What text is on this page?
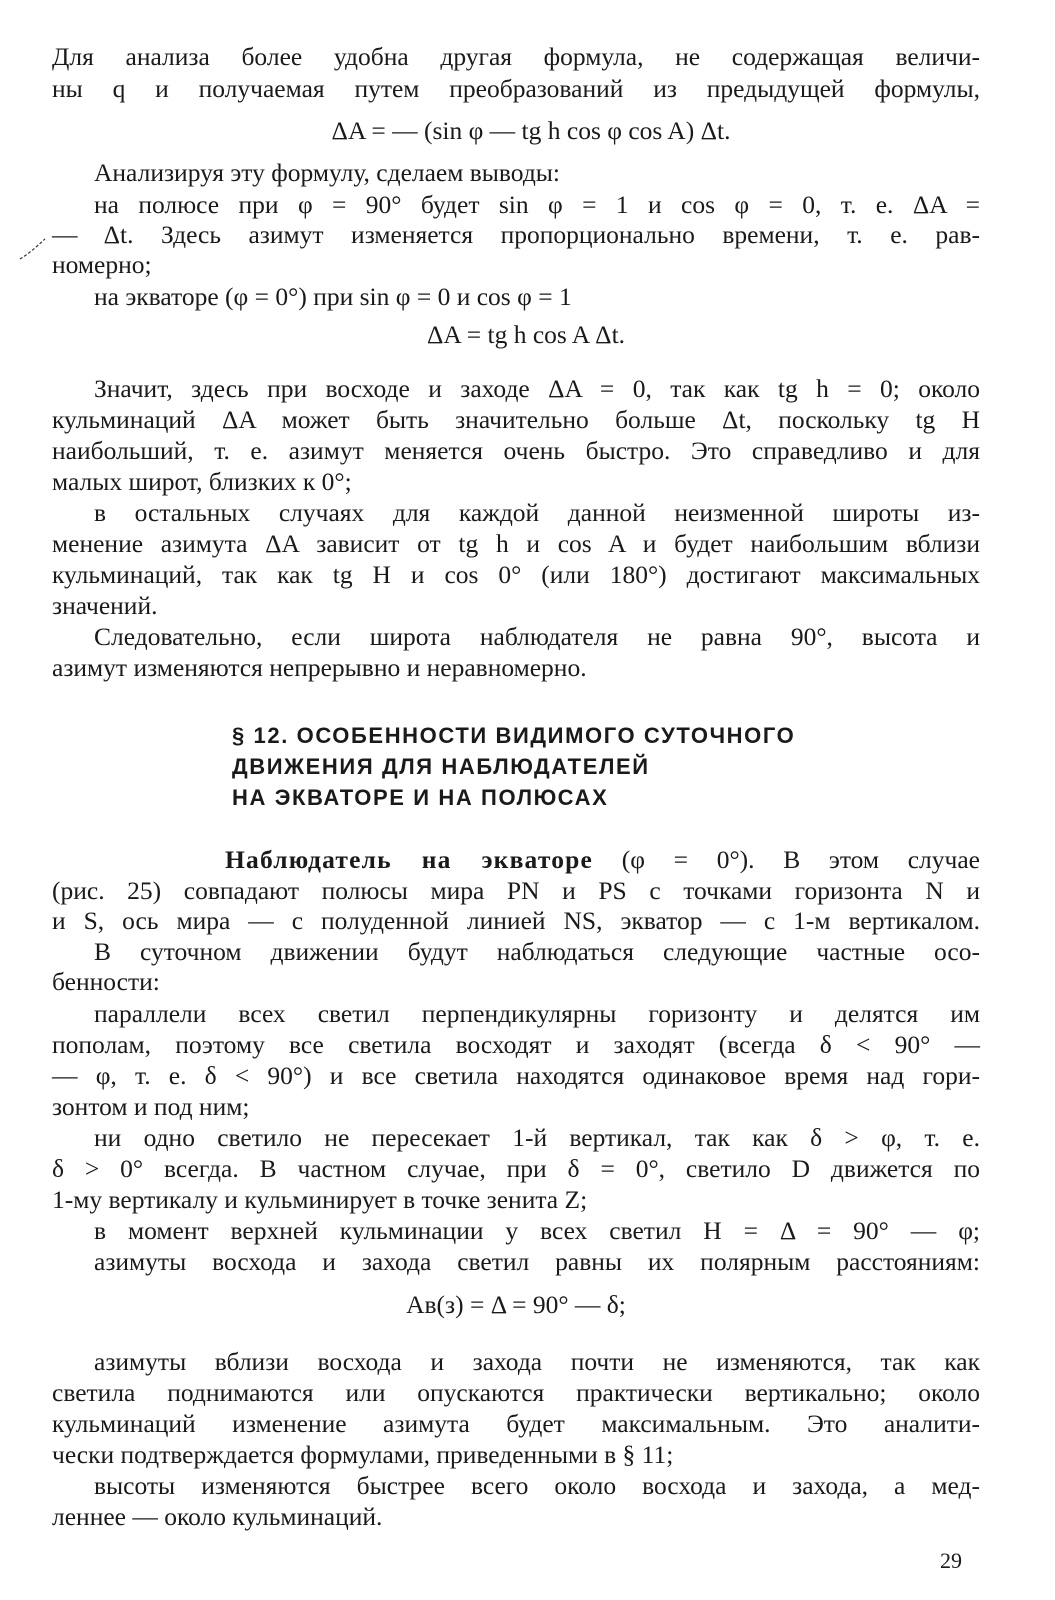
Для анализа более удобна другая формула, не содержащая величи-

ны q и получаемая путем преобразований из предыдущей формулы,

ΔA = — (sin φ — tg h cos φ cos A) Δt.

Анализируя эту формулу, сделаем выводы:

на полюсе при φ = 90° будет sin φ = 1 и cos φ = 0, т. е. ΔA =

— Δt. Здесь азимут изменяется пропорционально времени, т. е. рав-

номерно;

на экваторе (φ = 0°) при sin φ = 0 и cos φ = 1

ΔA = tg h cos A Δt.

Значит, здесь при восходе и заходе ΔA = 0, так как tg h = 0; около

кульминаций ΔA может быть значительно больше Δt, поскольку tg H

наибольший, т. е. азимут меняется очень быстро. Это справедливо и для

малых широт, близких к 0°;

в остальных случаях для каждой данной неизменной широты из-

менение азимута ΔA зависит от tg h и cos A и будет наибольшим вблизи

кульминаций, так как tg H и cos 0° (или 180°) достигают максимальных

значений.

Следовательно, если широта наблюдателя не равна 90°, высота и

азимут изменяются непрерывно и неравномерно.

§ 12. ОСОБЕННОСТИ ВИДИМОГО СУТОЧНОГО

ДВИЖЕНИЯ ДЛЯ НАБЛЮДАТЕЛЕЙ

НА ЭКВАТОРЕ И НА ПОЛЮСАХ

Наблюдатель на экваторе (φ = 0°). В этом случае

(рис. 25) совпадают полюсы мира PN и PS с точками горизонта N и

и S, ось мира — с полуденной линией NS, экватор — с 1-м вертикалом.

В суточном движении будут наблюдаться следующие частные осо-

бенности:

параллели всех светил перпендикулярны горизонту и делятся им

пополам, поэтому все светила восходят и заходят (всегда δ < 90° —

— φ, т. е. δ < 90°) и все светила находятся одинаковое время над гори-

зонтом и под ним;

ни одно светило не пересекает 1-й вертикал, так как δ > φ, т. е.

δ > 0° всегда. В частном случае, при δ = 0°, светило D движется по

1-му вертикалу и кульминирует в точке зенита Z;

в момент верхней кульминации у всех светил H = Δ = 90° — φ;

азимуты восхода и захода светил равны их полярным расстояниям:

Aв(з) = Δ = 90° — δ;

азимуты вблизи восхода и захода почти не изменяются, так как

светила поднимаются или опускаются практически вертикально; около

кульминаций изменение азимута будет максимальным. Это аналити-

чески подтверждается формулами, приведенными в § 11;

высоты изменяются быстрее всего около восхода и захода, а мед-

леннее — около кульминаций.

29
